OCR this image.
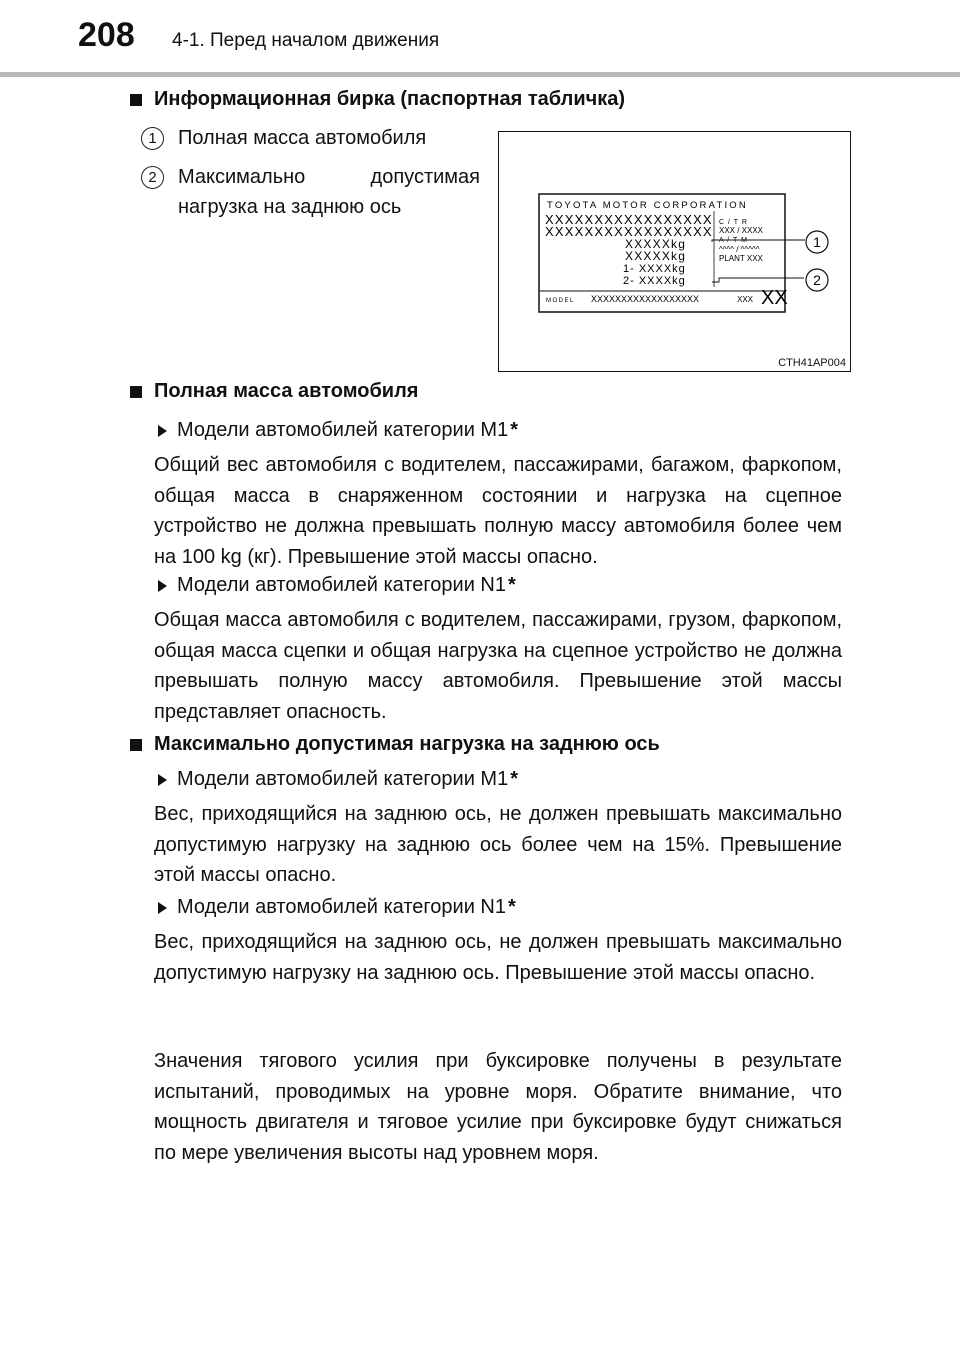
208 4-1. Перед началом движения
Информационная бирка (паспортная табличка)
1	Полная масса автомобиля
2	Максимально допустимая нагрузка на заднюю ось	TOYOTA MOTOR CORPORATION
XXXXXXXXXXXXXXXXX
XXXXXXXXXXXXXXXXX
XXXXXkg
XXXXXkg
1- XXXXkg
2- XXXXkg
C / T R
XXX / XXXX
A / T M
^^^^ / ^^^^^
PLANT XXX
MODEL XXXXXXXXXXXXXXXXXX	XXX XX
1
2
CTH41AP004
Полная масса автомобиля
Модели автомобилей категории M1 *
Общий вес автомобиля с водителем, пассажирами, багажом, фаркопом, общая масса в снаряженном состоянии и нагрузка на сцепное устройство не должна превышать полную массу автомобиля более чем на 100 kg (кг). Превышение этой массы опасно.
Модели автомобилей категории N1 *
Общая масса автомобиля с водителем, пассажирами, грузом, фаркопом, общая масса сцепки и общая нагрузка на сцепное устройство не должна превышать полную массу автомобиля. Превышение этой массы представляет опасность.
Максимально допустимая нагрузка на заднюю ось
Модели автомобилей категории M1 *
Вес, приходящийся на заднюю ось, не должен превышать максимально допустимую нагрузку на заднюю ось более чем на 15%. Превышение этой массы опасно.
Модели автомобилей категории N1 *
Вес, приходящийся на заднюю ось, не должен превышать максимально допустимую нагрузку на заднюю ось. Превышение этой массы опасно.
Значения тягового усилия при буксировке получены в результате испытаний, проводимых на уровне моря. Обратите внимание, что мощность двигателя и тяговое усилие при буксировке будут снижаться по мере увеличения высоты над уровнем моря.
